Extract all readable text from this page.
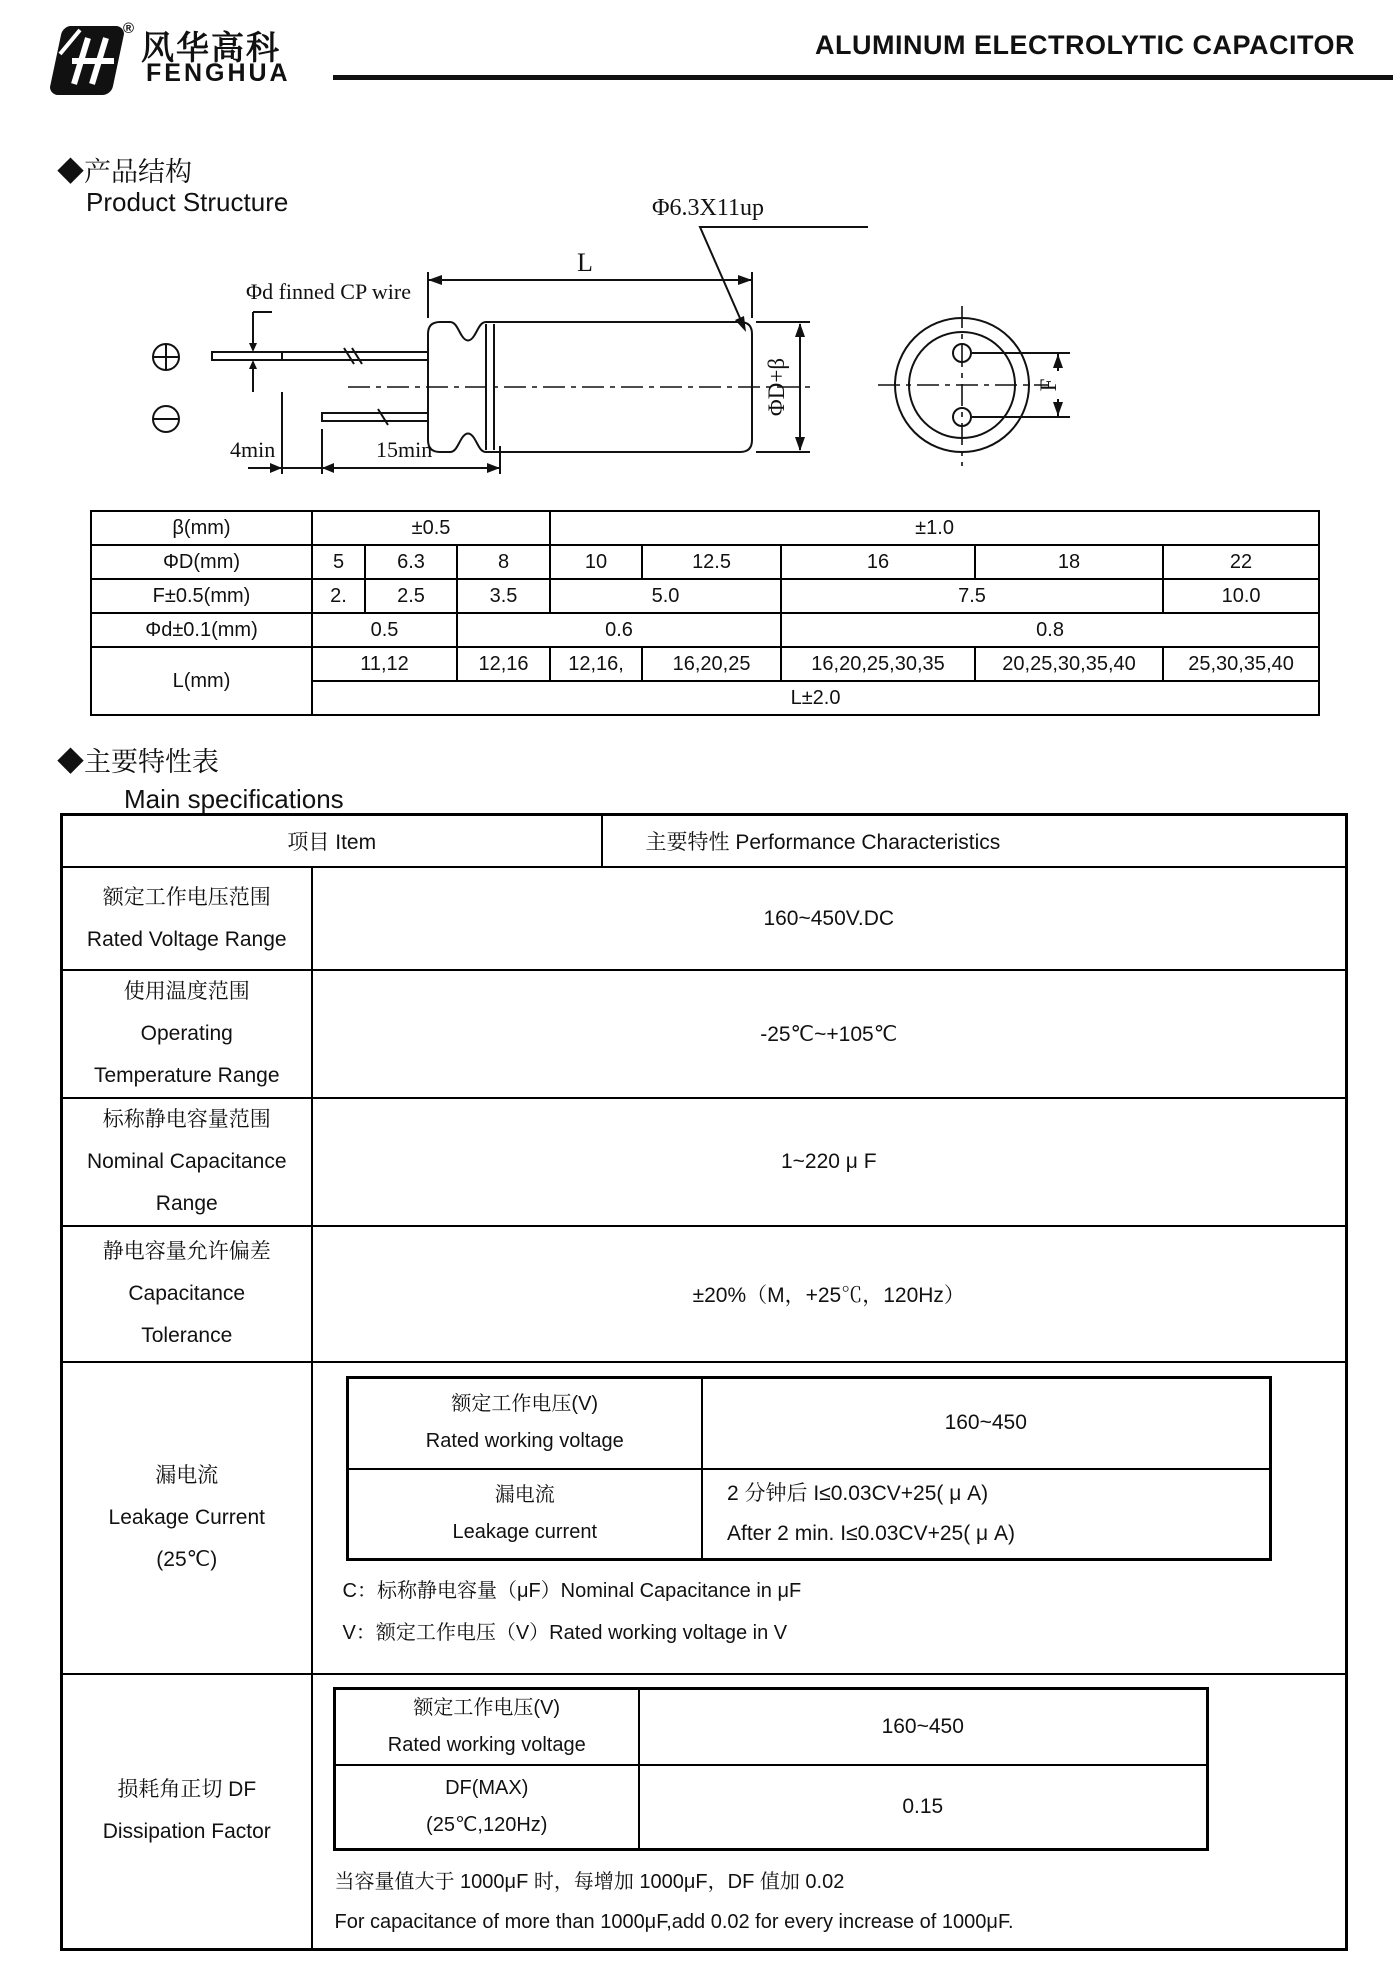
®
风华高科
FENGHUA
ALUMINUM ELECTROLYTIC CAPACITOR
◆产品结构
Product Structure
Φd finned CP wire
L
Φ6.3X11up
ΦD+β	F
4min	15min
β(mm)	±0.5			±1.0				
ΦD(mm)	5	6.3	8	10	12.5	16	18	22
F±0.5(mm)	2.	2.5	3.5	5.0		7.5		10.0
Φd±0.1(mm)	0.5		0.6			0.8		
L(mm)	11,12		12,16	12,16,	16,20,25	16,20,25,30,35	20,25,30,35,40	25,30,35,40
	L±2.0							
◆主要特性表
Main specifications
项目 Item	主要特性 Performance Characteristics

额定工作电压范围
Rated Voltage Range
	160~450V.DC

使用温度范围
Operating
Temperature Range
	-25℃~+105℃

标称静电容量范围
Nominal Capacitance
Range
	1~220 μ F

静电容量允许偏差
Capacitance
Tolerance
	±20%（M，+25℃，120Hz）

漏电流
Leakage Current
(25℃)

额定工作电压(V)
Rated working voltage
	160~450

漏电流
Leakage current

2 分钟后 I≤0.03CV+25( μ A)
After 2 min. I≤0.03CV+25( μ A)
C：标称静电容量（μF）Nominal Capacitance in μF
V：额定工作电压（V）Rated working voltage in V

损耗角正切 DF
Dissipation Factor

额定工作电压(V)
Rated working voltage
	160~450

DF(MAX)
(25℃,120Hz)
	0.15
当容量值大于 1000μF 时，每增加 1000μF，DF 值加 0.02
For capacitance of more than 1000μF,add 0.02 for every increase of 1000μF.
